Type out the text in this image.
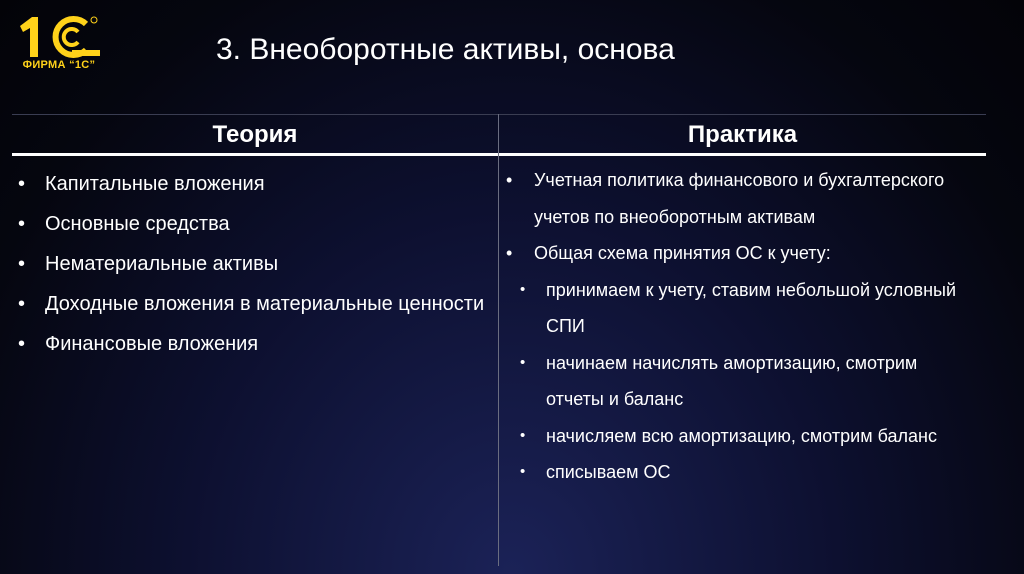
ФИРМА “1С”	3. Внеоборотные активы, основа
Теория	Практика
• Капитальные вложения
• Основные средства
• Нематериальные активы
• Доходные вложения в материальные ценности
• Финансовые вложения
• Учетная политика финансового и бухгалтерского учетов по внеоборотным активам
• Общая схема принятия ОС к учету:
• принимаем к учету, ставим небольшой условный СПИ
• начинаем начислять амортизацию, смотрим отчеты и баланс
• начисляем всю амортизацию, смотрим баланс
• списываем ОС
